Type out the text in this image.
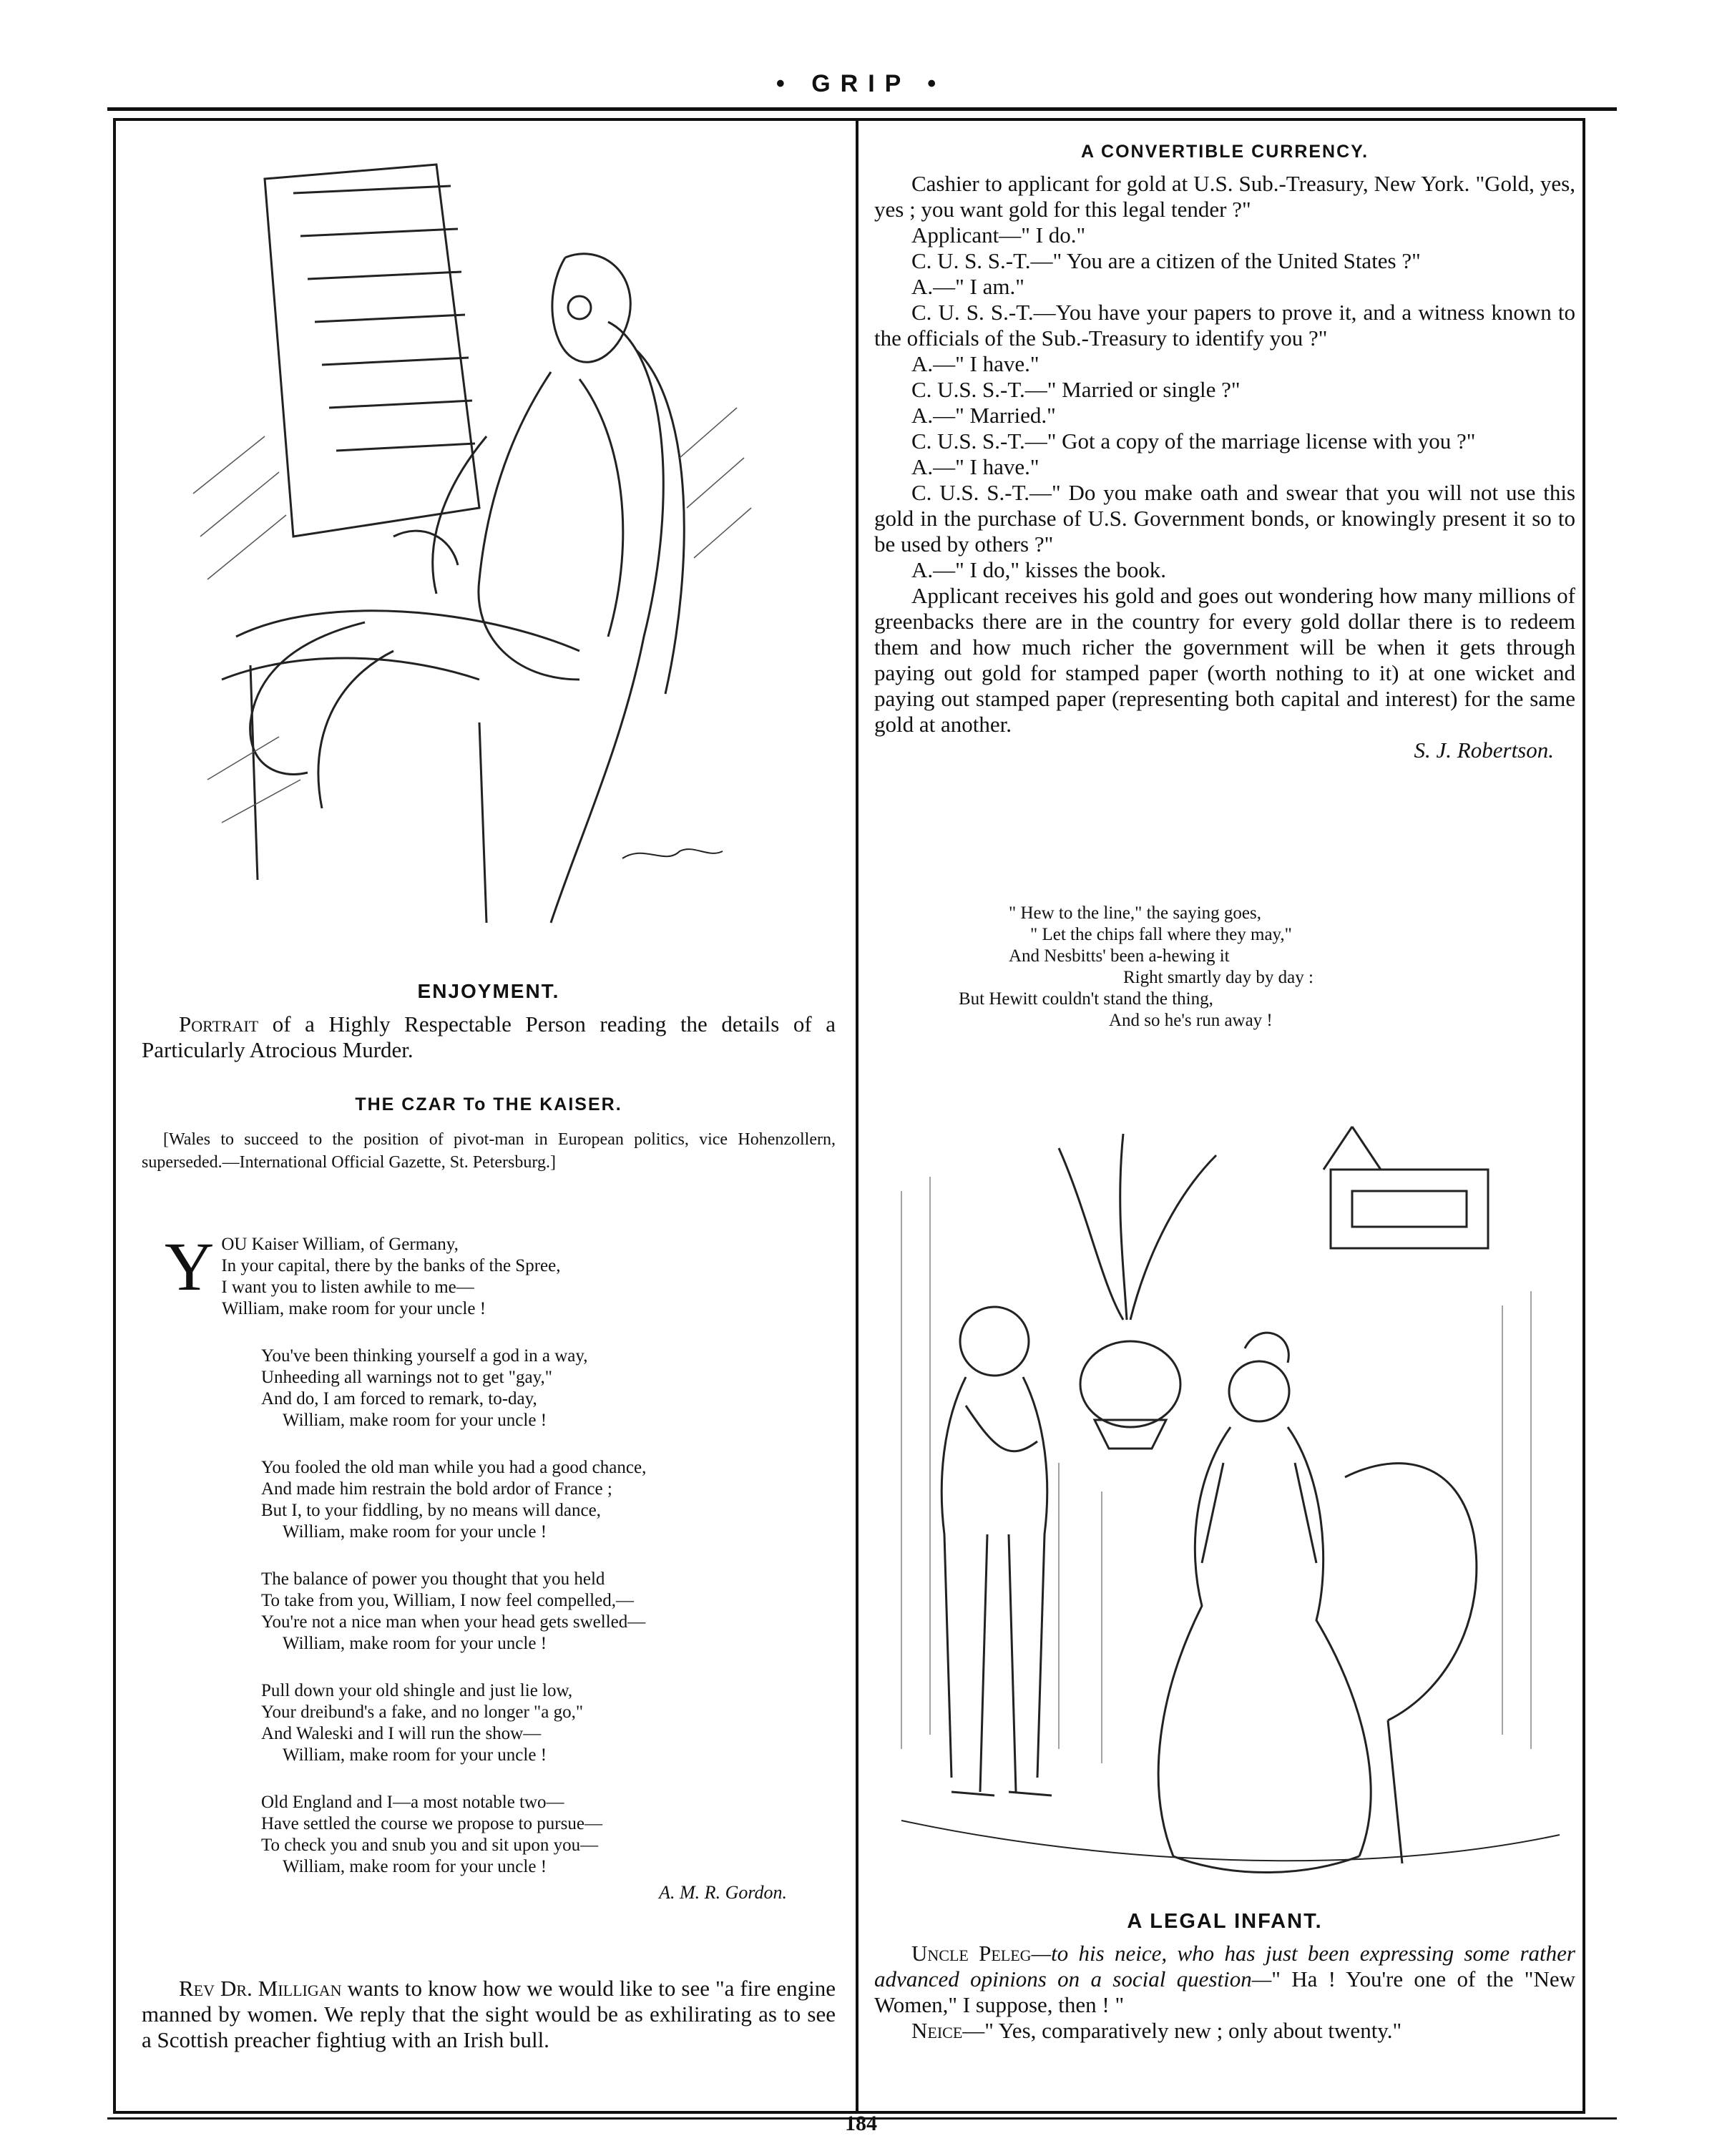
• GRIP •
ENJOYMENT.

Portrait of a Highly Respectable Person reading the details of a Particularly Atrocious Murder.

THE CZAR To THE KAISER.

[Wales to succeed to the position of pivot-man in European politics, vice Hohenzollern, superseded.—International Official Gazette, St. Petersburg.]

Y OU Kaiser William, of Germany,
In your capital, there by the banks of the Spree,
I want you to listen awhile to me—
William, make room for your uncle !
You've been thinking yourself a god in a way,
Unheeding all warnings not to get "gay,"
And do, I am forced to remark, to-day,
William, make room for your uncle !
You fooled the old man while you had a good chance,
And made him restrain the bold ardor of France ;
But I, to your fiddling, by no means will dance,
William, make room for your uncle !
The balance of power you thought that you held
To take from you, William, I now feel compelled,—
You're not a nice man when your head gets swelled—
William, make room for your uncle !
Pull down your old shingle and just lie low,
Your dreibund's a fake, and no longer "a go,"
And Waleski and I will run the show—
William, make room for your uncle !
Old England and I—a most notable two—
Have settled the course we propose to pursue—
To check you and snub you and sit upon you—
William, make room for your uncle !
A. M. R. Gordon.

Rev Dr. Milligan wants to know how we would like to see "a fire engine manned by women. We reply that the sight would be as exhilirating as to see a Scottish preacher fightiug with an Irish bull.

A CONVERTIBLE CURRENCY.

Cashier to applicant for gold at U.S. Sub.-Treasury, New York. "Gold, yes, yes ; you want gold for this legal tender ?"

Applicant—" I do."

C. U. S. S.-T.—" You are a citizen of the United States ?"

A.—" I am."

C. U. S. S.-T.—You have your papers to prove it, and a witness known to the officials of the Sub.-Treasury to identify you ?"

A.—" I have."

C. U.S. S.-T.—" Married or single ?"

A.—" Married."

C. U.S. S.-T.—" Got a copy of the marriage license with you ?"

A.—" I have."

C. U.S. S.-T.—" Do you make oath and swear that you will not use this gold in the purchase of U.S. Government bonds, or knowingly present it so to be used by others ?"

A.—" I do," kisses the book.

Applicant receives his gold and goes out wondering how many millions of greenbacks there are in the country for every gold dollar there is to redeem them and how much richer the government will be when it gets through paying out gold for stamped paper (worth nothing to it) at one wicket and paying out stamped paper (representing both capital and interest) for the same gold at another.

S. J. Robertson.

" Hew to the line," the saying goes,
" Let the chips fall where they may,"
And Nesbitts' been a-hewing it
Right smartly day by day :
But Hewitt couldn't stand the thing,
And so he's run away !
A LEGAL INFANT.

Uncle Peleg—to his neice, who has just been expressing some rather advanced opinions on a social question—" Ha ! You're one of the "New Women," I suppose, then ! "

Neice—" Yes, comparatively new ; only about twenty."

184
